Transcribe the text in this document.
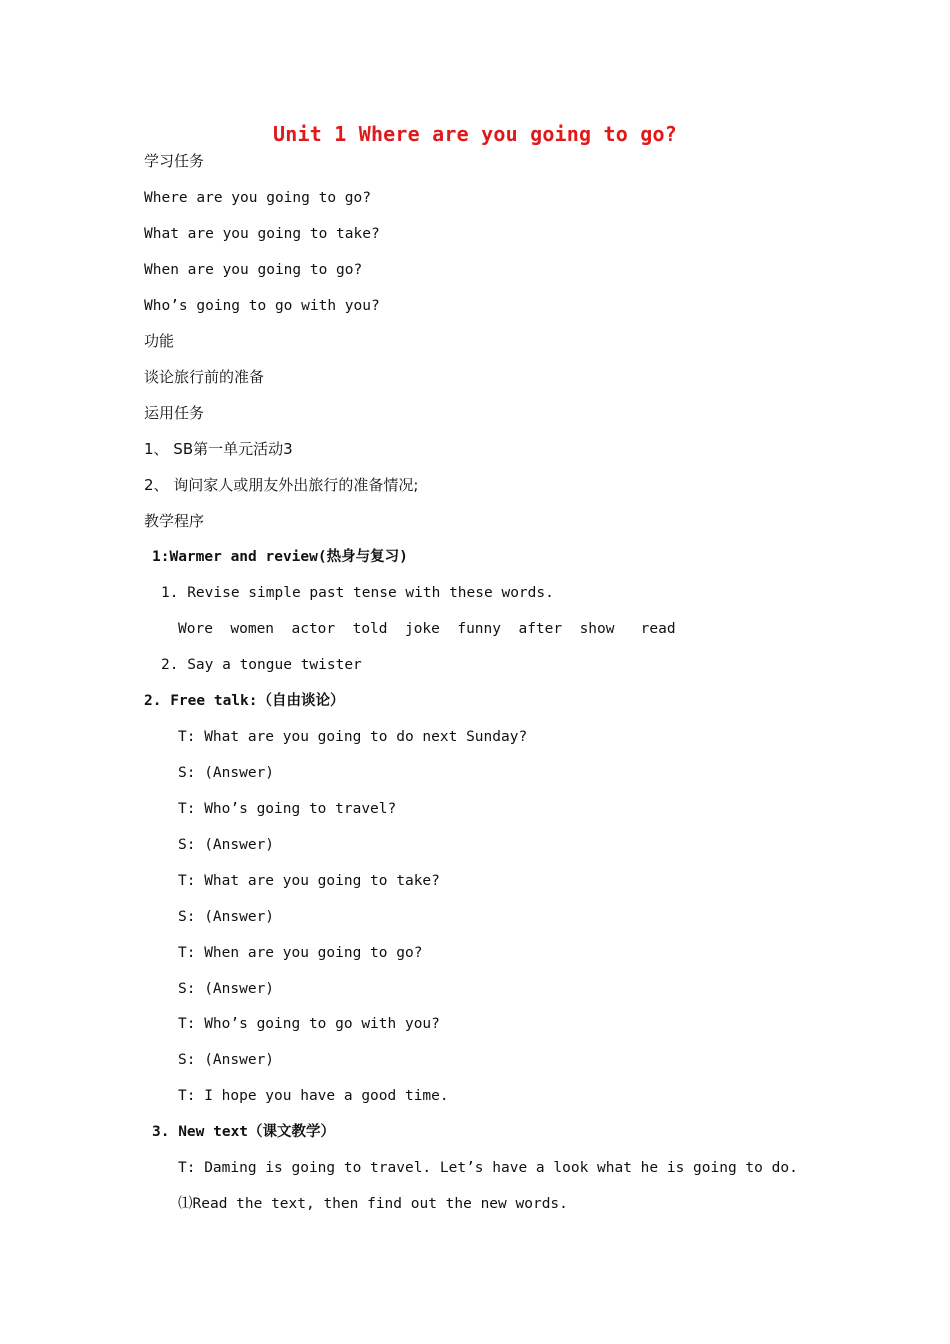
Unit 1 Where are you going to go?
学习任务
Where are you going to go?
What are you going to take?
When are you going to go?
Who’s going to go with you?
功能
谈论旅行前的准备
运用任务
1、 SB第一单元活动3
2、 询问家人或朋友外出旅行的准备情况;
教学程序
1:Warmer and review(热身与复习)
1. Revise simple past tense with these words.
Wore  women  actor  told  joke  funny  after  show   read
2. Say a tongue twister
2. Free talk:（自由谈论）
T: What are you going to do next Sunday?
S: (Answer)
T: Who’s going to travel?
S: (Answer)
T: What are you going to take?
S: (Answer)
T: When are you going to go?
S: (Answer)
T: Who’s going to go with you?
S: (Answer)
T: I hope you have a good time.
3. New text（课文教学）
T: Daming is going to travel. Let’s have a look what he is going to do.
⑴Read the text, then find out the new words.
